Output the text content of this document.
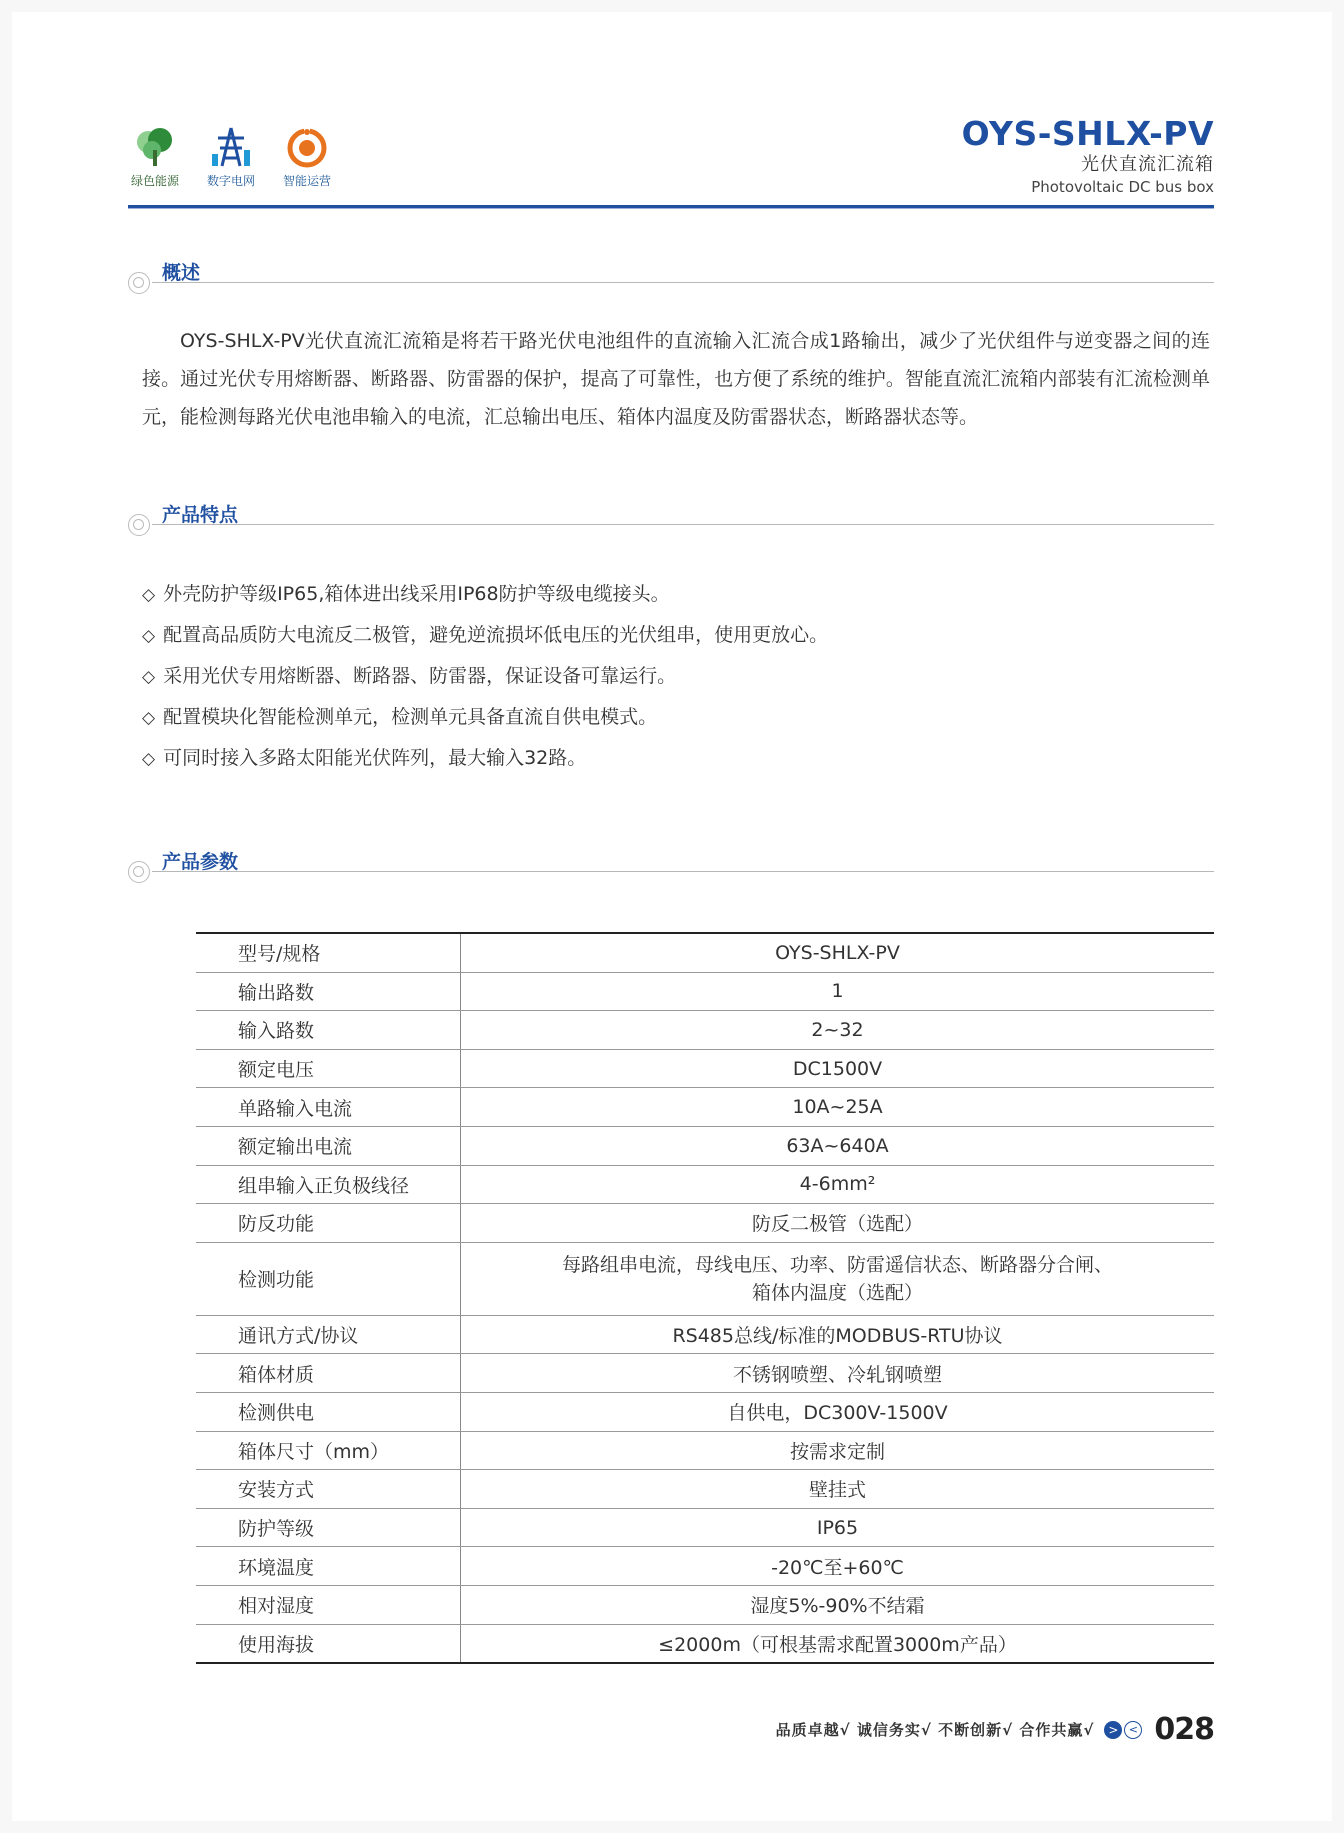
绿色能源 数字电网 智能运营
OYS-SHLX-PV
光伏直流汇流箱
Photovoltaic DC bus box
概述
OYS-SHLX-PV光伏直流汇流箱是将若干路光伏电池组件的直流输入汇流合成1路输出，减少了光伏组件与逆变器之间的连接。通过光伏专用熔断器、断路器、防雷器的保护，提高了可靠性，也方便了系统的维护。智能直流汇流箱内部装有汇流检测单元，能检测每路光伏电池串输入的电流，汇总输出电压、箱体内温度及防雷器状态，断路器状态等。
产品特点
◇ 外壳防护等级IP65,箱体进出线采用IP68防护等级电缆接头。
◇ 配置高品质防大电流反二极管，避免逆流损坏低电压的光伏组串，使用更放心。
◇ 采用光伏专用熔断器、断路器、防雷器，保证设备可靠运行。
◇ 配置模块化智能检测单元，检测单元具备直流自供电模式。
◇ 可同时接入多路太阳能光伏阵列，最大输入32路。
产品参数
型号/规格	OYS-SHLX-PV
输出路数	1
输入路数	2~32
额定电压	DC1500V
单路输入电流	10A~25A
额定输出电流	63A~640A
组串输入正负极线径	4-6mm²
防反功能	防反二极管（选配）
检测功能	每路组串电流，母线电压、功率、防雷遥信状态、断路器分合闸、
箱体内温度（选配）

通讯方式/协议	RS485总线/标准的MODBUS-RTU协议
箱体材质	不锈钢喷塑、冷轧钢喷塑
检测供电	自供电，DC300V-1500V
箱体尺寸（mm）	按需求定制
安装方式	壁挂式
防护等级	IP65
环境温度	-20℃至+60℃
相对湿度	湿度5%-90%不结霜
使用海拔	≤2000m（可根基需求配置3000m产品）
品质卓越√ 诚信务实√ 不断创新√ 合作共赢√	> < 028
